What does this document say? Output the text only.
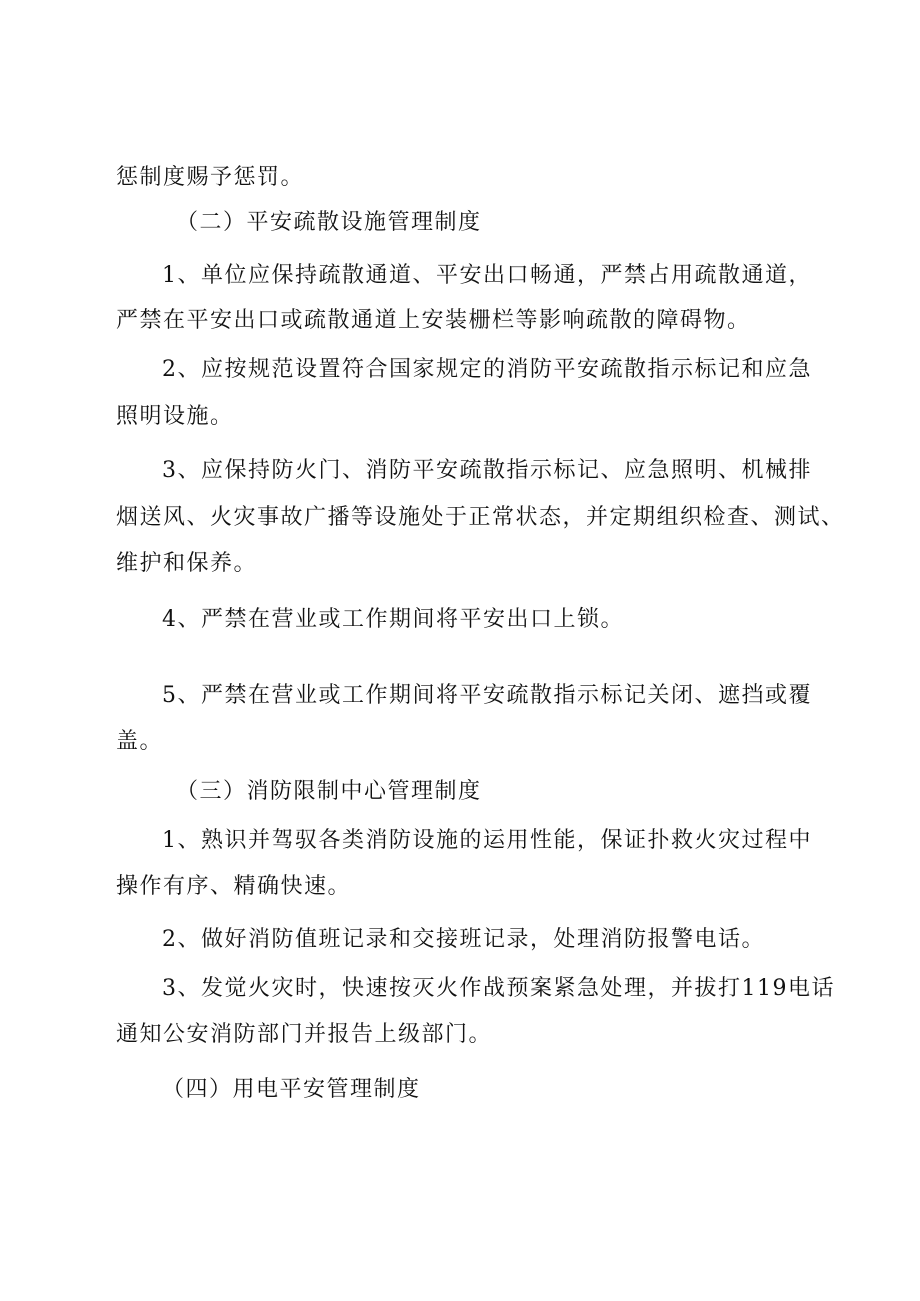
惩制度赐予惩罚。
（二）平安疏散设施管理制度
1、单位应保持疏散通道、平安出口畅通，严禁占用疏散通道，
严禁在平安出口或疏散通道上安装栅栏等影响疏散的障碍物。
2、应按规范设置符合国家规定的消防平安疏散指示标记和应急
照明设施。
3、应保持防火门、消防平安疏散指示标记、应急照明、机械排
烟送风、火灾事故广播等设施处于正常状态，并定期组织检查、测试、
维护和保养。
4、严禁在营业或工作期间将平安出口上锁。
5、严禁在营业或工作期间将平安疏散指示标记关闭、遮挡或覆
盖。
（三）消防限制中心管理制度
1、熟识并驾驭各类消防设施的运用性能，保证扑救火灾过程中
操作有序、精确快速。
2、做好消防值班记录和交接班记录，处理消防报警电话。
3、发觉火灾时，快速按灭火作战预案紧急处理，并拔打119电话
通知公安消防部门并报告上级部门。
（四）用电平安管理制度
